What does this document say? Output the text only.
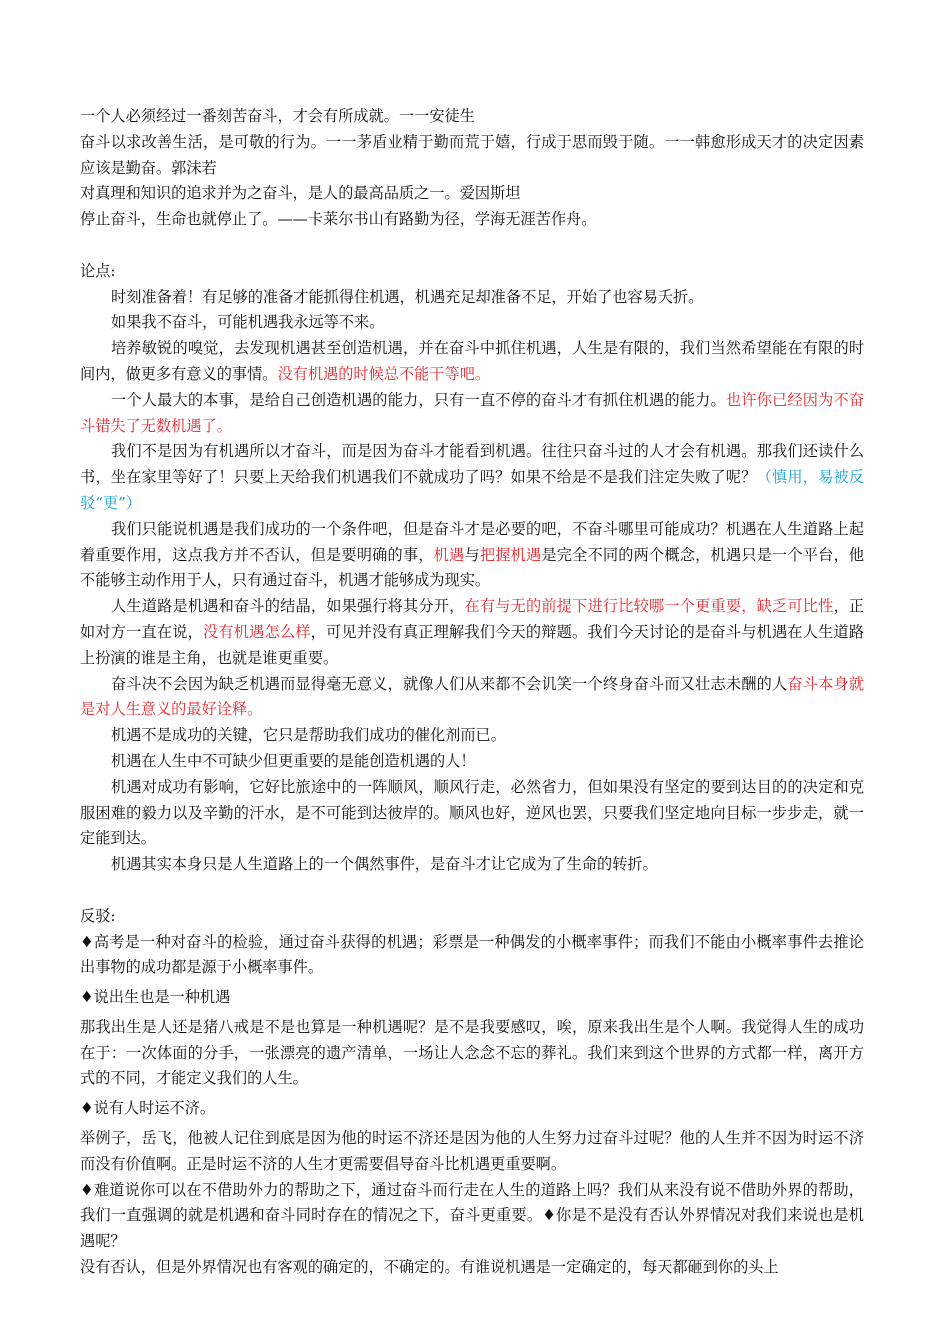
一个人必须经过一番刻苦奋斗，才会有所成就。一一安徒生

奋斗以求改善生活，是可敬的行为。一一茅盾业精于勤而荒于嬉，行成于思而毁于随。一一韩愈形成天才的决定因素应该是勤奋。郭沫若

对真理和知识的追求并为之奋斗，是人的最高品质之一。爱因斯坦

停止奋斗，生命也就停止了。——卡莱尔书山有路勤为径，学海无涯苦作舟。

论点:

时刻准备着！有足够的准备才能抓得住机遇，机遇充足却准备不足，开始了也容易夭折。

如果我不奋斗，可能机遇我永远等不来。

培养敏锐的嗅觉，去发现机遇甚至创造机遇，并在奋斗中抓住机遇，人生是有限的，我们当然希望能在有限的时间内，做更多有意义的事情。没有机遇的时候总不能干等吧。

一个人最大的本事，是给自己创造机遇的能力，只有一直不停的奋斗才有抓住机遇的能力。也许你已经因为不奋斗错失了无数机遇了。

我们不是因为有机遇所以才奋斗，而是因为奋斗才能看到机遇。往往只奋斗过的人才会有机遇。那我们还读什么书，坐在家里等好了！只要上天给我们机遇我们不就成功了吗？如果不给是不是我们注定失败了呢？（慎用，易被反驳“更”）

我们只能说机遇是我们成功的一个条件吧，但是奋斗才是必要的吧，不奋斗哪里可能成功？机遇在人生道路上起着重要作用，这点我方并不否认，但是要明确的事，机遇与把握机遇是完全不同的两个概念，机遇只是一个平台，他不能够主动作用于人，只有通过奋斗，机遇才能够成为现实。

人生道路是机遇和奋斗的结晶，如果强行将其分开，在有与无的前提下进行比较哪一个更重要，缺乏可比性，正如对方一直在说，没有机遇怎么样，可见并没有真正理解我们今天的辩题。我们今天讨论的是奋斗与机遇在人生道路上扮演的谁是主角，也就是谁更重要。

奋斗决不会因为缺乏机遇而显得毫无意义，就像人们从来都不会讥笑一个终身奋斗而又壮志未酬的人奋斗本身就是对人生意义的最好诠释。

机遇不是成功的关键，它只是帮助我们成功的催化剂而已。

机遇在人生中不可缺少但更重要的是能创造机遇的人！

机遇对成功有影响，它好比旅途中的一阵顺风，顺风行走，必然省力，但如果没有坚定的要到达目的的决定和克服困难的毅力以及辛勤的汗水，是不可能到达彼岸的。顺风也好，逆风也罢，只要我们坚定地向目标一步步走，就一定能到达。

机遇其实本身只是人生道路上的一个偶然事件，是奋斗才让它成为了生命的转折。

反驳:

♦高考是一种对奋斗的检验，通过奋斗获得的机遇；彩票是一种偶发的小概率事件；而我们不能由小概率事件去推论出事物的成功都是源于小概率事件。

♦说出生也是一种机遇

那我出生是人还是猪八戒是不是也算是一种机遇呢？是不是我要感叹，唉，原来我出生是个人啊。我觉得人生的成功在于：一次体面的分手，一张漂亮的遗产清单，一场让人念念不忘的葬礼。我们来到这个世界的方式都一样，离开方式的不同，才能定义我们的人生。

♦说有人时运不济。

举例子，岳飞，他被人记住到底是因为他的时运不济还是因为他的人生努力过奋斗过呢？他的人生并不因为时运不济而没有价值啊。正是时运不济的人生才更需要倡导奋斗比机遇更重要啊。

♦难道说你可以在不借助外力的帮助之下，通过奋斗而行走在人生的道路上吗？我们从来没有说不借助外界的帮助，我们一直强调的就是机遇和奋斗同时存在的情况之下，奋斗更重要。♦你是不是没有否认外界情况对我们来说也是机遇呢？

没有否认，但是外界情况也有客观的确定的，不确定的。有谁说机遇是一定确定的，每天都砸到你的头上
